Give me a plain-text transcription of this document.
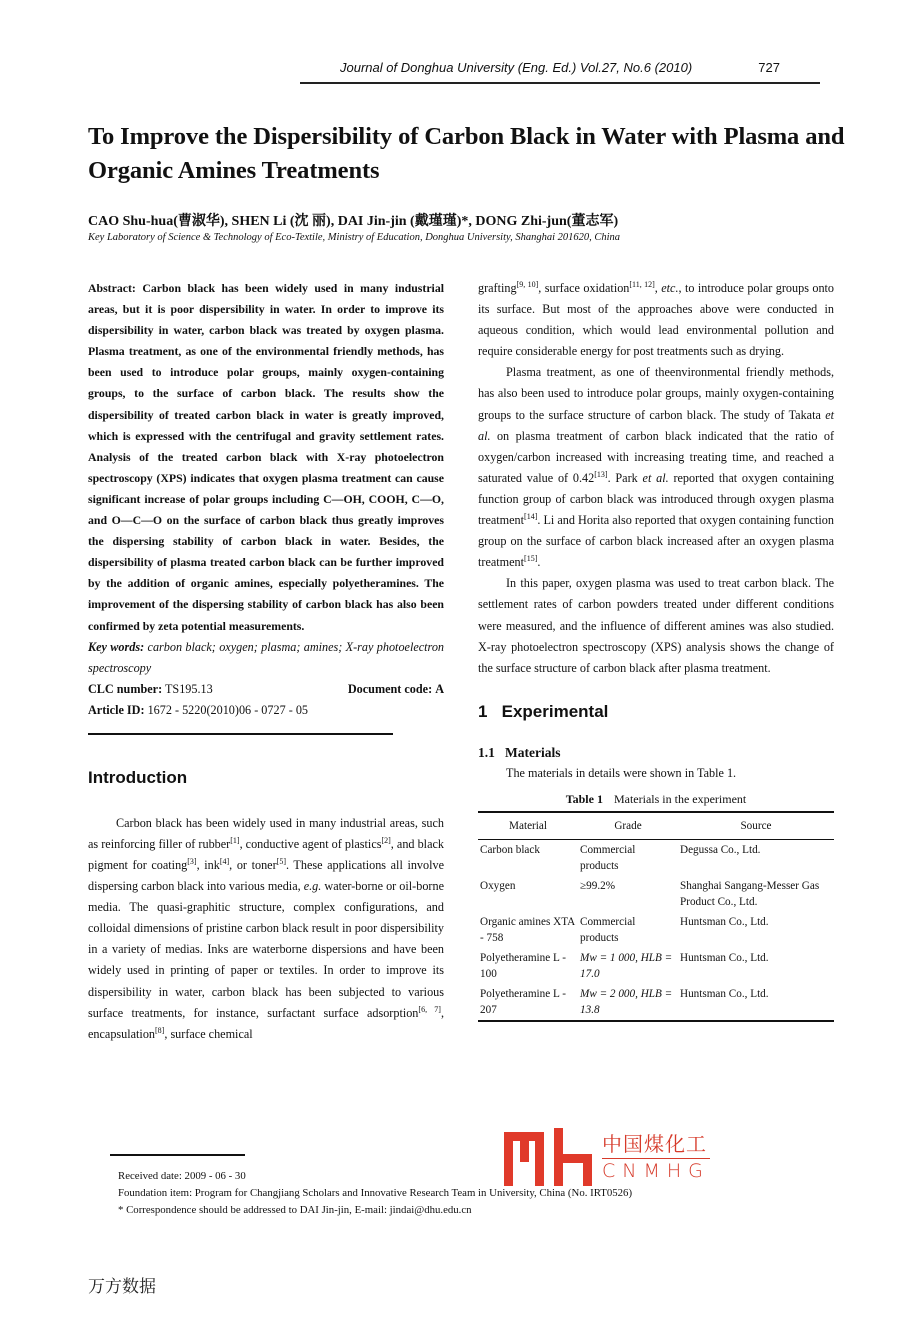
Journal of Donghua University (Eng. Ed.) Vol.27, No.6 (2010)	727
To Improve the Dispersibility of Carbon Black in Water with Plasma and Organic Amines Treatments
CAO Shu-hua(曹淑华), SHEN Li (沈 丽), DAI Jin-jin (戴瑾瑾)*, DONG Zhi-jun(董志军)
Key Laboratory of Science & Technology of Eco-Textile, Ministry of Education, Donghua University, Shanghai 201620, China

Abstract: Carbon black has been widely used in many industrial areas, but it is poor dispersibility in water. In order to improve its dispersibility in water, carbon black was treated by oxygen plasma. Plasma treatment, as one of the environmental friendly methods, has been used to introduce polar groups, mainly oxygen-containing groups, to the surface of carbon black. The results show the dispersibility of treated carbon black in water is greatly improved, which is expressed with the centrifugal and gravity settlement rates. Analysis of the treated carbon black with X-ray photoelectron spectroscopy (XPS) indicates that oxygen plasma treatment can cause significant increase of polar groups including C—OH, COOH, C—O, and O—C—O on the surface of carbon black thus greatly improves the dispersing stability of carbon black in water. Besides, the dispersibility of plasma treated carbon black can be further improved by the addition of organic amines, especially polyetheramines. The improvement of the dispersing stability of carbon black has also been confirmed by zeta potential measurements.

Key words: carbon black; oxygen; plasma; amines; X-ray photoelectron spectroscopy

CLC number: TS195.13	Document code: A
Article ID:
1672 - 5220(2010)06 - 0727 - 05
Introduction

Carbon black has been widely used in many industrial areas, such as reinforcing filler of rubber[1], conductive agent of plastics[2], and black pigment for coating[3], ink[4], or toner[5]. These applications all involve dispersing carbon black into various media, e.g. water-borne or oil-borne media. The quasi-graphitic structure, complex configurations, and colloidal dimensions of pristine carbon black result in poor dispersibility in a variety of medias. Inks are waterborne dispersions and have been widely used in printing of paper or textiles. In order to improve its dispersibility in water, carbon black has been subjected to various surface treatments, for instance, surfactant surface adsorption[6, 7], encapsulation[8], surface chemical

grafting[9, 10], surface oxidation[11, 12], etc., to introduce polar groups onto its surface. But most of the approaches above were conducted in aqueous condition, which would lead environmental pollution and require considerable energy for post treatments such as drying.

Plasma treatment, as one of theenvironmental friendly methods, has also been used to introduce polar groups, mainly oxygen-containing groups to the surface structure of carbon black. The study of Takata et al. on plasma treatment of carbon black indicated that the ratio of oxygen/carbon increased with increasing treating time, and reached a saturated value of 0.42[13]. Park et al. reported that oxygen containing function group of carbon black was introduced through oxygen plasma treatment[14]. Li and Horita also reported that oxygen containing function group on the surface of carbon black increased after an oxygen plasma treatment[15].

In this paper, oxygen plasma was used to treat carbon black. The settlement rates of carbon powders treated under different conditions were measured, and the influence of different amines was also studied. X-ray photoelectron spectroscopy (XPS) analysis shows the change of the surface structure of carbon black after plasma treatment.

1   Experimental
1.1   Materials

The materials in details were shown in Table 1.

Table 1 Materials in the experiment
Material	Grade	Source
Carbon black	Commercial products	Degussa Co., Ltd.
Oxygen	≥99.2%	Shanghai Sangang-Messer Gas Product Co., Ltd.
Organic amines XTA - 758	Commercial products	Huntsman Co., Ltd.
Polyetheramine L - 100	Mw = 1 000, HLB = 17.0	Huntsman Co., Ltd.
Polyetheramine L - 207	Mw = 2 000, HLB = 13.8	Huntsman Co., Ltd.
中国煤化工
CNMHG
Received date: 2009 - 06 - 30
Foundation item: Program for Changjiang Scholars and Innovative Research Team in University, China (No. IRT0526)
* Correspondence should be addressed to DAI Jin-jin, E-mail: jindai@dhu.edu.cn
万方数据
